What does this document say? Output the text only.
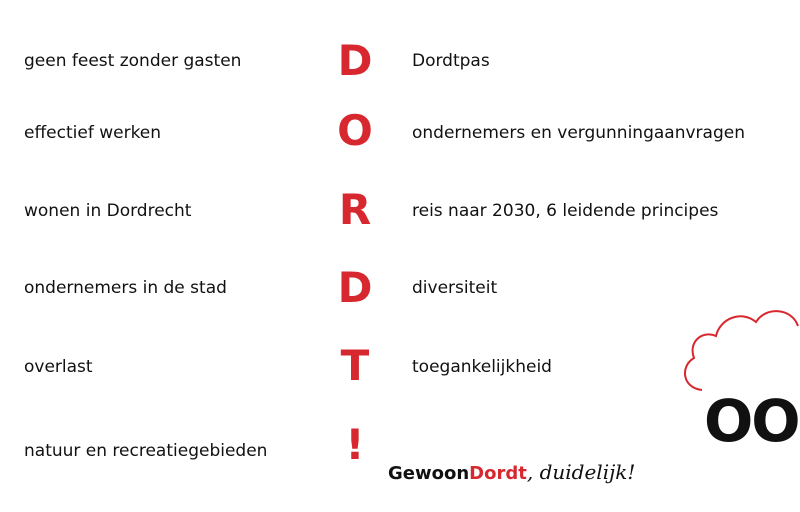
geen feest zonder gasten
effectief werken
wonen in Dordrecht
ondernemers in de stad
overlast
natuur en recreatiegebieden
D
O
R
D
T
!
Dordtpas
ondernemers en vergunningaanvragen
reis naar 2030, 6 leidende principes
diversiteit
toegankelijkheid
GewoonDordt, duidelijk!
OO
